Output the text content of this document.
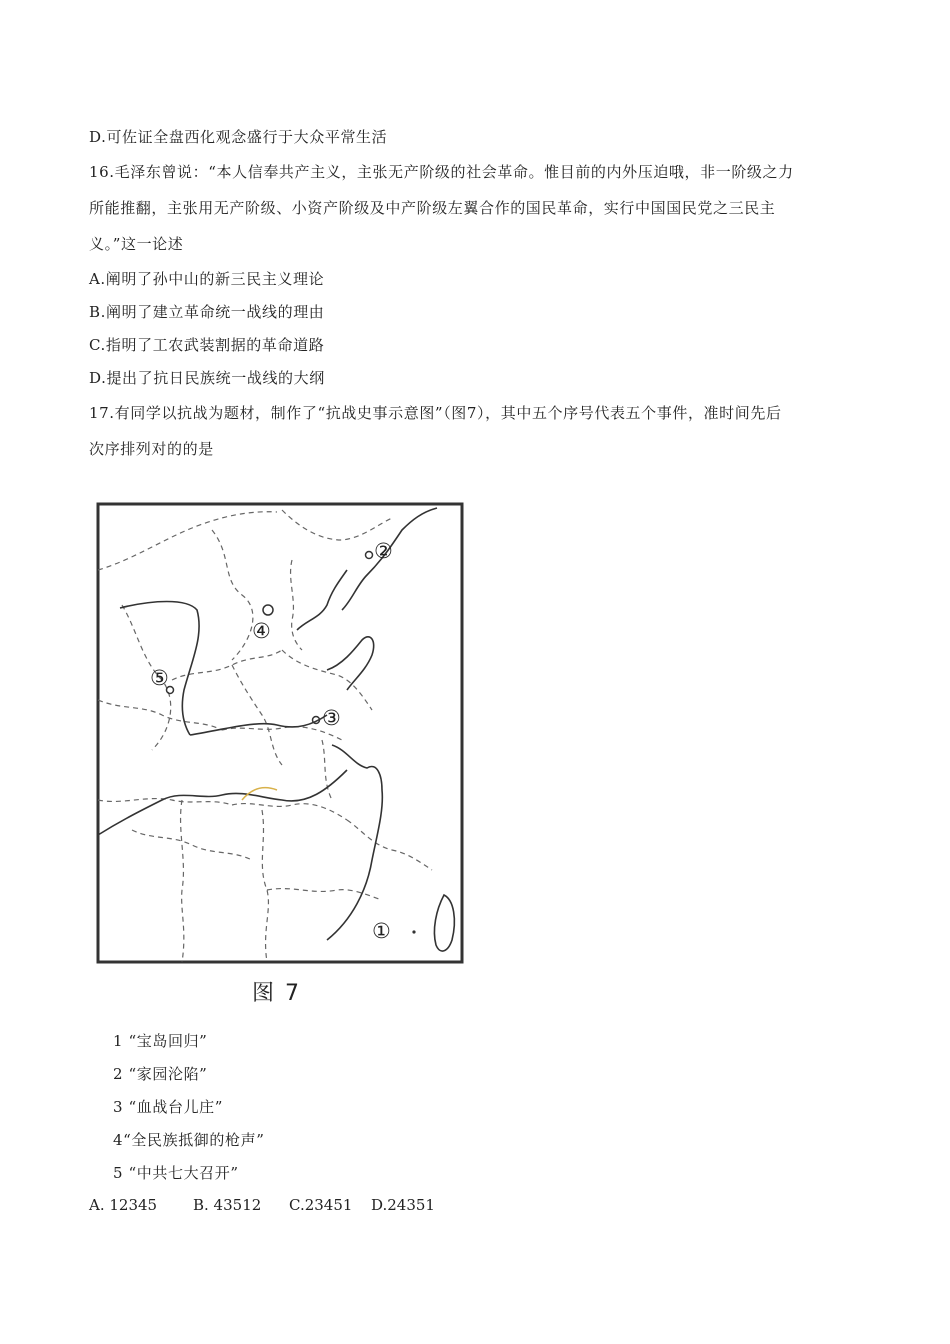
D.可佐证全盘西化观念盛行于大众平常生活
16.毛泽东曾说：“本人信奉共产主义，主张无产阶级的社会革命。惟目前的内外压迫哦，非一阶级之力
所能推翻，主张用无产阶级、小资产阶级及中产阶级左翼合作的国民革命，实行中国国民党之三民主
义。”这一论述
A.阐明了孙中山的新三民主义理论
B.阐明了建立革命统一战线的理由
C.指明了工农武装割据的革命道路
D.提出了抗日民族统一战线的大纲
17.有同学以抗战为题材，制作了“抗战史事示意图”（图7），其中五个序号代表五个事件，准时间先后
次序排列对的的是
①
②
③
④
⑤
图 7
1 “宝岛回归”
2 “家园沦陷”
3 “血战台儿庄”
4“全民族抵御的枪声”
5 “中共七大召开”
A. 12345 B. 43512 C.23451 D.24351
